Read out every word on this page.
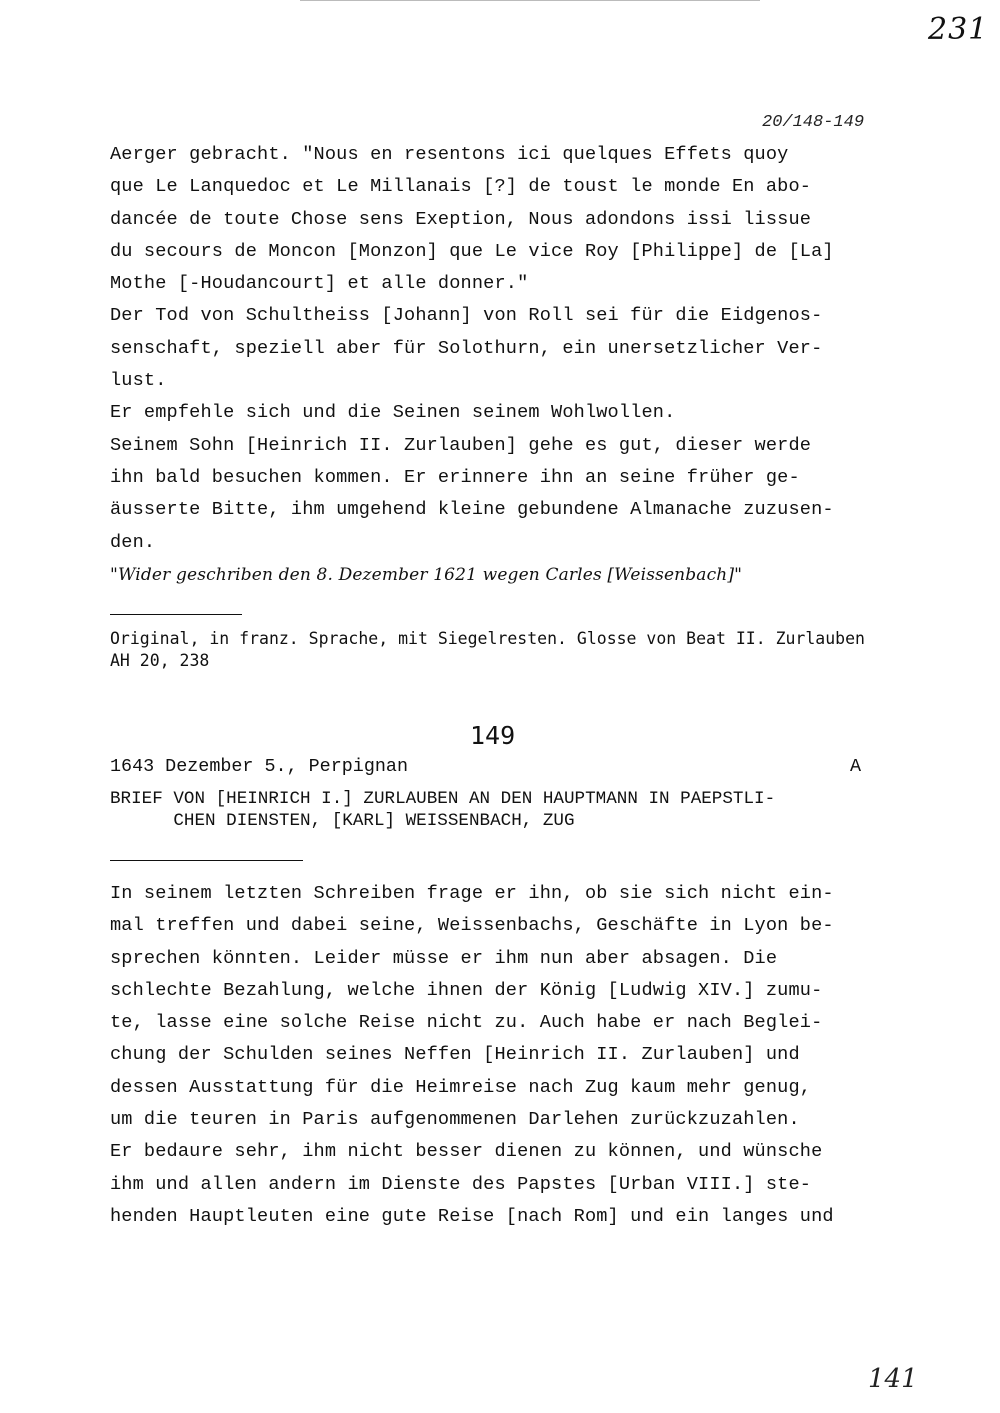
231
20/148-149
Aerger gebracht. "Nous en resentons ici quelques Effets quoy
que Le Lanquedoc et Le Millanais [?] de toust le monde En abo-
dancée de toute Chose sens Exeption, Nous adondons issi lissue
du secours de Moncon [Monzon] que Le vice Roy [Philippe] de [La]
Mothe [-Houdancourt] et alle donner."
Der Tod von Schultheiss [Johann] von Roll sei für die Eidgenos-
senschaft, speziell aber für Solothurn, ein unersetzlicher Ver-
lust.
Er empfehle sich und die Seinen seinem Wohlwollen.
Seinem Sohn [Heinrich II. Zurlauben] gehe es gut, dieser werde
ihn bald besuchen kommen. Er erinnere ihn an seine früher ge-
äusserte Bitte, ihm umgehend kleine gebundene Almanache zuzusen-
den.
"Wider geschriben den 8. Dezember 1621 wegen Carles [Weissenbach]"
Original, in franz. Sprache, mit Siegelresten. Glosse von Beat II. Zurlauben
AH 20, 238
149
1643 Dezember 5., Perpignan	A
BRIEF VON [HEINRICH I.] ZURLAUBEN AN DEN HAUPTMANN IN PAEPSTLI-
CHEN DIENSTEN, [KARL] WEISSENBACH, ZUG
In seinem letzten Schreiben frage er ihn, ob sie sich nicht ein-
mal treffen und dabei seine, Weissenbachs, Geschäfte in Lyon be-
sprechen könnten. Leider müsse er ihm nun aber absagen. Die
schlechte Bezahlung, welche ihnen der König [Ludwig XIV.] zumu-
te, lasse eine solche Reise nicht zu. Auch habe er nach Beglei-
chung der Schulden seines Neffen [Heinrich II. Zurlauben] und
dessen Ausstattung für die Heimreise nach Zug kaum mehr genug,
um die teuren in Paris aufgenommenen Darlehen zurückzuzahlen.
Er bedaure sehr, ihm nicht besser dienen zu können, und wünsche
ihm und allen andern im Dienste des Papstes [Urban VIII.] ste-
henden Hauptleuten eine gute Reise [nach Rom] und ein langes und
141
